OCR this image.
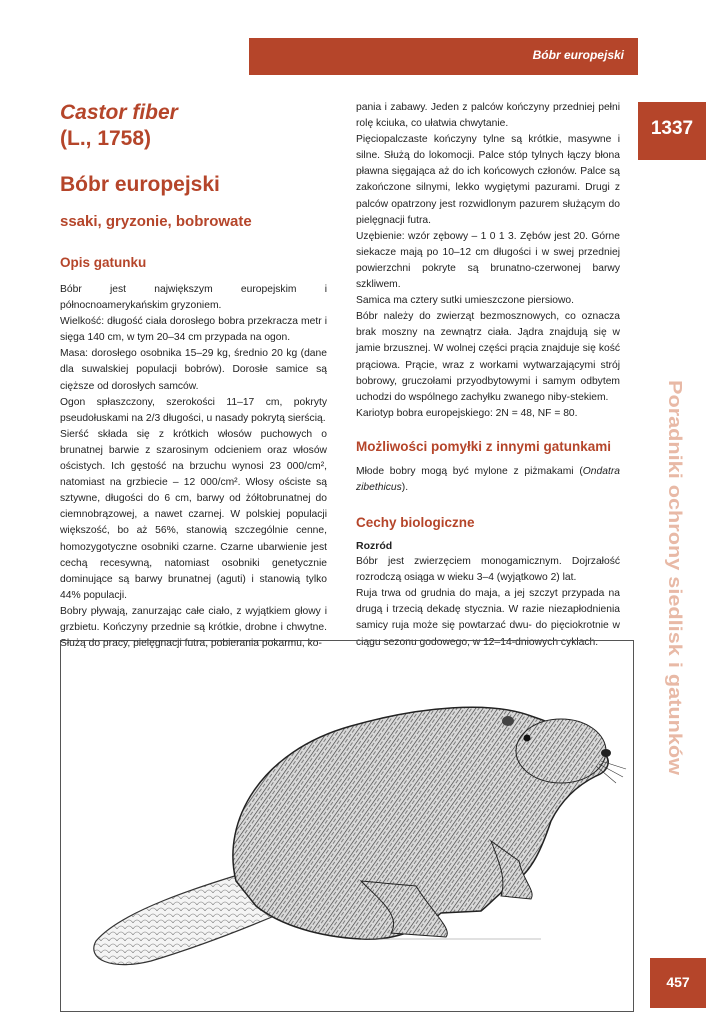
Bóbr europejski
1337
Poradniki ochrony siedlisk i gatunków
457
Castor fiber
(L., 1758)
Bóbr europejski
ssaki, gryzonie, bobrowate
Opis gatunku

Bóbr jest największym europejskim i północnoamerykańskim gryzoniem.

Wielkość: długość ciała dorosłego bobra przekracza metr i sięga 140 cm, w tym 20–34 cm przypada na ogon.

Masa: dorosłego osobnika 15–29 kg, średnio 20 kg (dane dla suwalskiej populacji bobrów). Dorosłe samice są cięższe od dorosłych samców.

Ogon spłaszczony, szerokości 11–17 cm, pokryty pseudołuskami na 2/3 długości, u nasady pokrytą sierścią.

Sierść składa się z krótkich włosów puchowych o brunatnej barwie z szarosinym odcieniem oraz włosów ościstych. Ich gęstość na brzuchu wynosi 23 000/cm², natomiast na grzbiecie – 12 000/cm². Włosy ościste są sztywne, długości do 6 cm, barwy od żółtobrunatnej do ciemnobrązowej, a nawet czarnej. W polskiej populacji większość, bo aż 56%, stanowią szczególnie cenne, homozygotyczne osobniki czarne. Czarne ubarwienie jest cechą recesywną, natomiast osobniki genetycznie dominujące są barwy brunatnej (aguti) i stanowią tylko 44% populacji.

Bobry pływają, zanurzając całe ciało, z wyjątkiem głowy i grzbietu. Kończyny przednie są krótkie, drobne i chwytne. Służą do pracy, pielęgnacji futra, pobierania pokarmu, ko-

pania i zabawy. Jeden z palców kończyny przedniej pełni rolę kciuka, co ułatwia chwytanie.

Pięciopalczaste kończyny tylne są krótkie, masywne i silne. Służą do lokomocji. Palce stóp tylnych łączy błona pławna sięgająca aż do ich końcowych członów. Palce są zakończone silnymi, lekko wygiętymi pazurami. Drugi z palców opatrzony jest rozwidlonym pazurem służącym do pielęgnacji futra.

Uzębienie: wzór zębowy – 1 0 1 3. Zębów jest 20. Górne siekacze mają po 10–12 cm długości i w swej przedniej powierzchni pokryte są brunatno-czerwonej barwy szkliwem.

Samica ma cztery sutki umieszczone piersiowo.

Bóbr należy do zwierząt bezmosznowych, co oznacza brak moszny na zewnątrz ciała. Jądra znajdują się w jamie brzusznej. W wolnej części prącia znajduje się kość prąciowa. Prącie, wraz z workami wytwarzającymi strój bobrowy, gruczołami przyodbytowymi i samym odbytem uchodzi do wspólnego zachyłku zwanego niby-stekiem.

Kariotyp bobra europejskiego: 2N = 48, NF = 80.

Możliwości pomyłki z innymi gatunkami

Młode bobry mogą być mylone z piżmakami (Ondatra zibethicus).

Cechy biologiczne
Rozród

Bóbr jest zwierzęciem monogamicznym. Dojrzałość rozrodczą osiąga w wieku 3–4 (wyjątkowo 2) lat.

Ruja trwa od grudnia do maja, a jej szczyt przypada na drugą i trzecią dekadę stycznia. W razie niezapłodnienia samicy ruja może się powtarzać dwu- do pięciokrotnie w ciągu sezonu godowego, w 12–14-dniowych cyklach.
